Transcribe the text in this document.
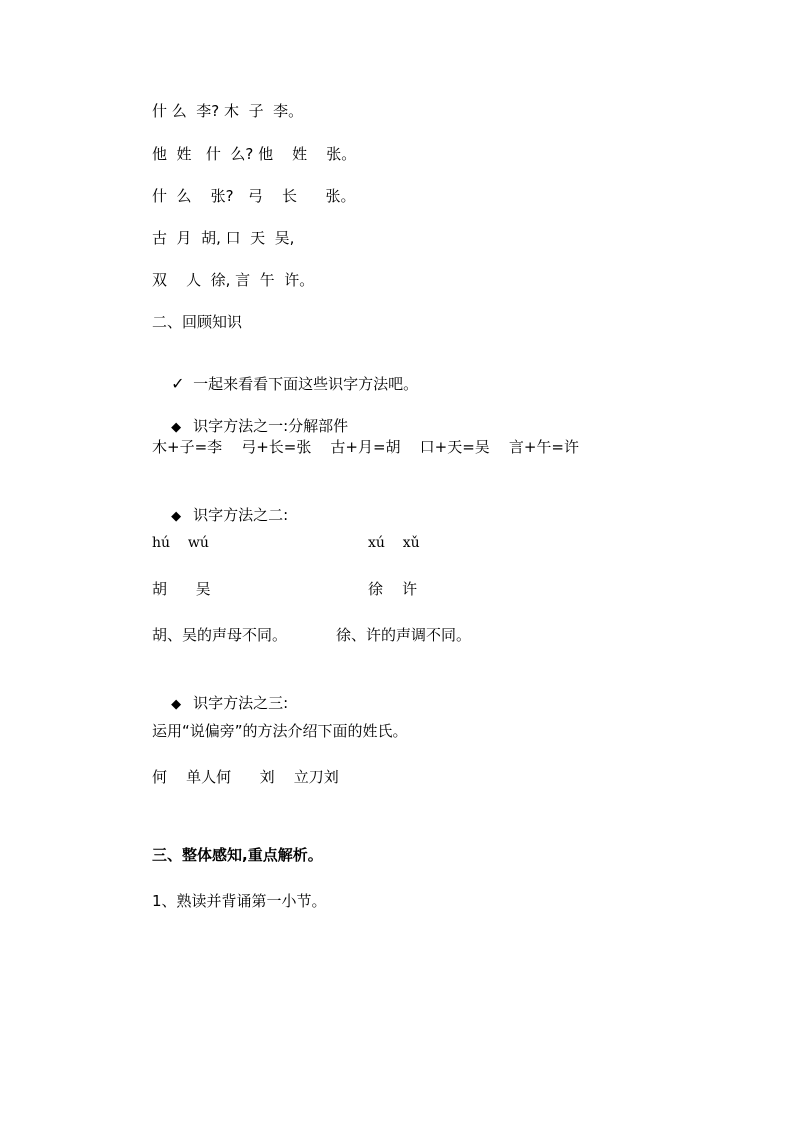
什 么  李? 木  子  李。
他  姓   什  么? 他    姓    张。
什  么    张?   弓    长      张。
古  月  胡, 口  天  吴,
双    人  徐, 言  午  许。
二、回顾知识

✓ 一起来看看下面这些识字方法吧。

◆ 识字方法之一:分解部件

木+子=李    弓+长=张    古+月=胡    口+天=吴    言+午=许

◆ 识字方法之二:

hú    wú	xú    xǔ
胡      吴	徐    许
胡、吴的声母不同。	徐、许的声调不同。

◆ 识字方法之三:

运用“说偏旁”的方法介绍下面的姓氏。
何    单人何      刘    立刀刘
三、整体感知,重点解析。
1、熟读并背诵第一小节。
